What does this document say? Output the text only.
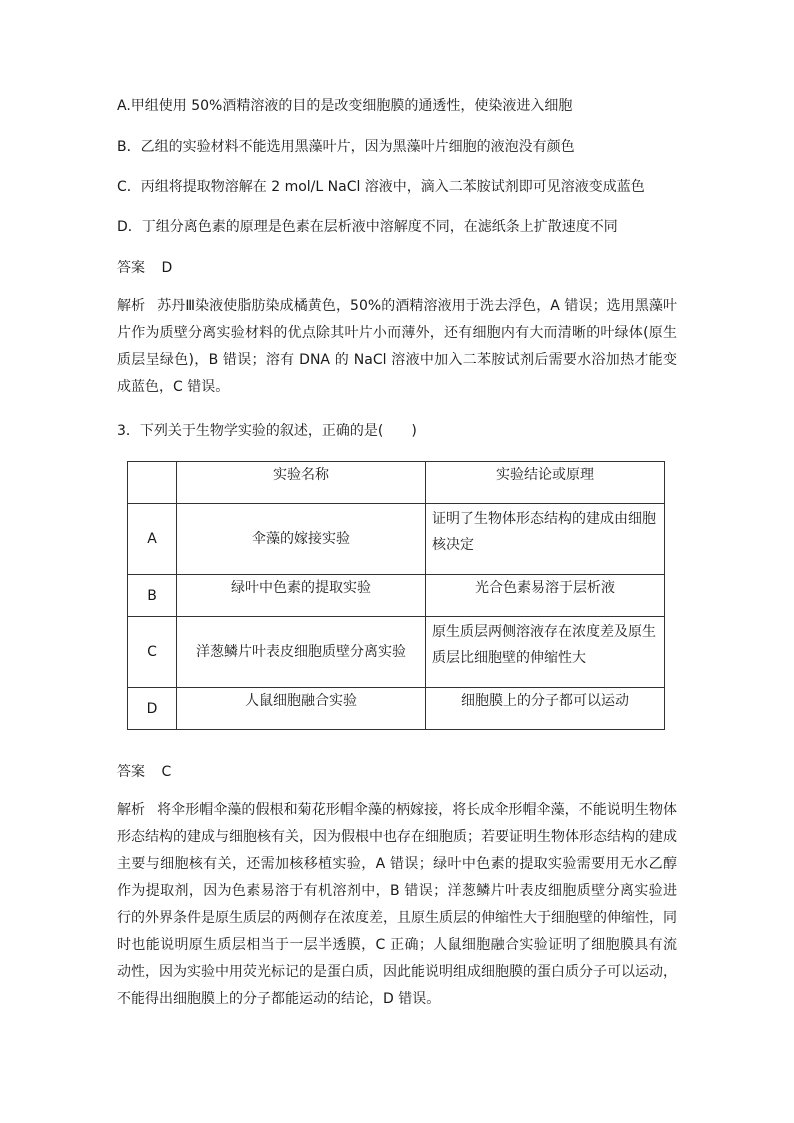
A.甲组使用 50%酒精溶液的目的是改变细胞膜的通透性，使染液进入细胞
B．乙组的实验材料不能选用黑藻叶片，因为黑藻叶片细胞的液泡没有颜色
C．丙组将提取物溶解在 2 mol/L NaCl 溶液中，滴入二苯胺试剂即可见溶液变成蓝色
D．丁组分离色素的原理是色素在层析液中溶解度不同，在滤纸条上扩散速度不同
答案 D
解析 苏丹Ⅲ染液使脂肪染成橘黄色，50%的酒精溶液用于洗去浮色，A 错误；选用黑藻叶片作为质壁分离实验材料的优点除其叶片小而薄外，还有细胞内有大而清晰的叶绿体(原生质层呈绿色)，B 错误；溶有 DNA 的 NaCl 溶液中加入二苯胺试剂后需要水浴加热才能变成蓝色，C 错误。
3．下列关于生物学实验的叙述，正确的是(　　)
	实验名称	实验结论或原理
A	伞藻的嫁接实验	证明了生物体形态结构的建成由细胞核决定
B	绿叶中色素的提取实验	光合色素易溶于层析液
C	洋葱鳞片叶表皮细胞质壁分离实验	原生质层两侧溶液存在浓度差及原生质层比细胞壁的伸缩性大
D	人鼠细胞融合实验	细胞膜上的分子都可以运动
答案 C
解析 将伞形帽伞藻的假根和菊花形帽伞藻的柄嫁接，将长成伞形帽伞藻，不能说明生物体形态结构的建成与细胞核有关，因为假根中也存在细胞质；若要证明生物体形态结构的建成主要与细胞核有关，还需加核移植实验，A 错误；绿叶中色素的提取实验需要用无水乙醇作为提取剂，因为色素易溶于有机溶剂中，B 错误；洋葱鳞片叶表皮细胞质壁分离实验进行的外界条件是原生质层的两侧存在浓度差，且原生质层的伸缩性大于细胞壁的伸缩性，同时也能说明原生质层相当于一层半透膜，C 正确；人鼠细胞融合实验证明了细胞膜具有流动性，因为实验中用荧光标记的是蛋白质，因此能说明组成细胞膜的蛋白质分子可以运动，不能得出细胞膜上的分子都能运动的结论，D 错误。
